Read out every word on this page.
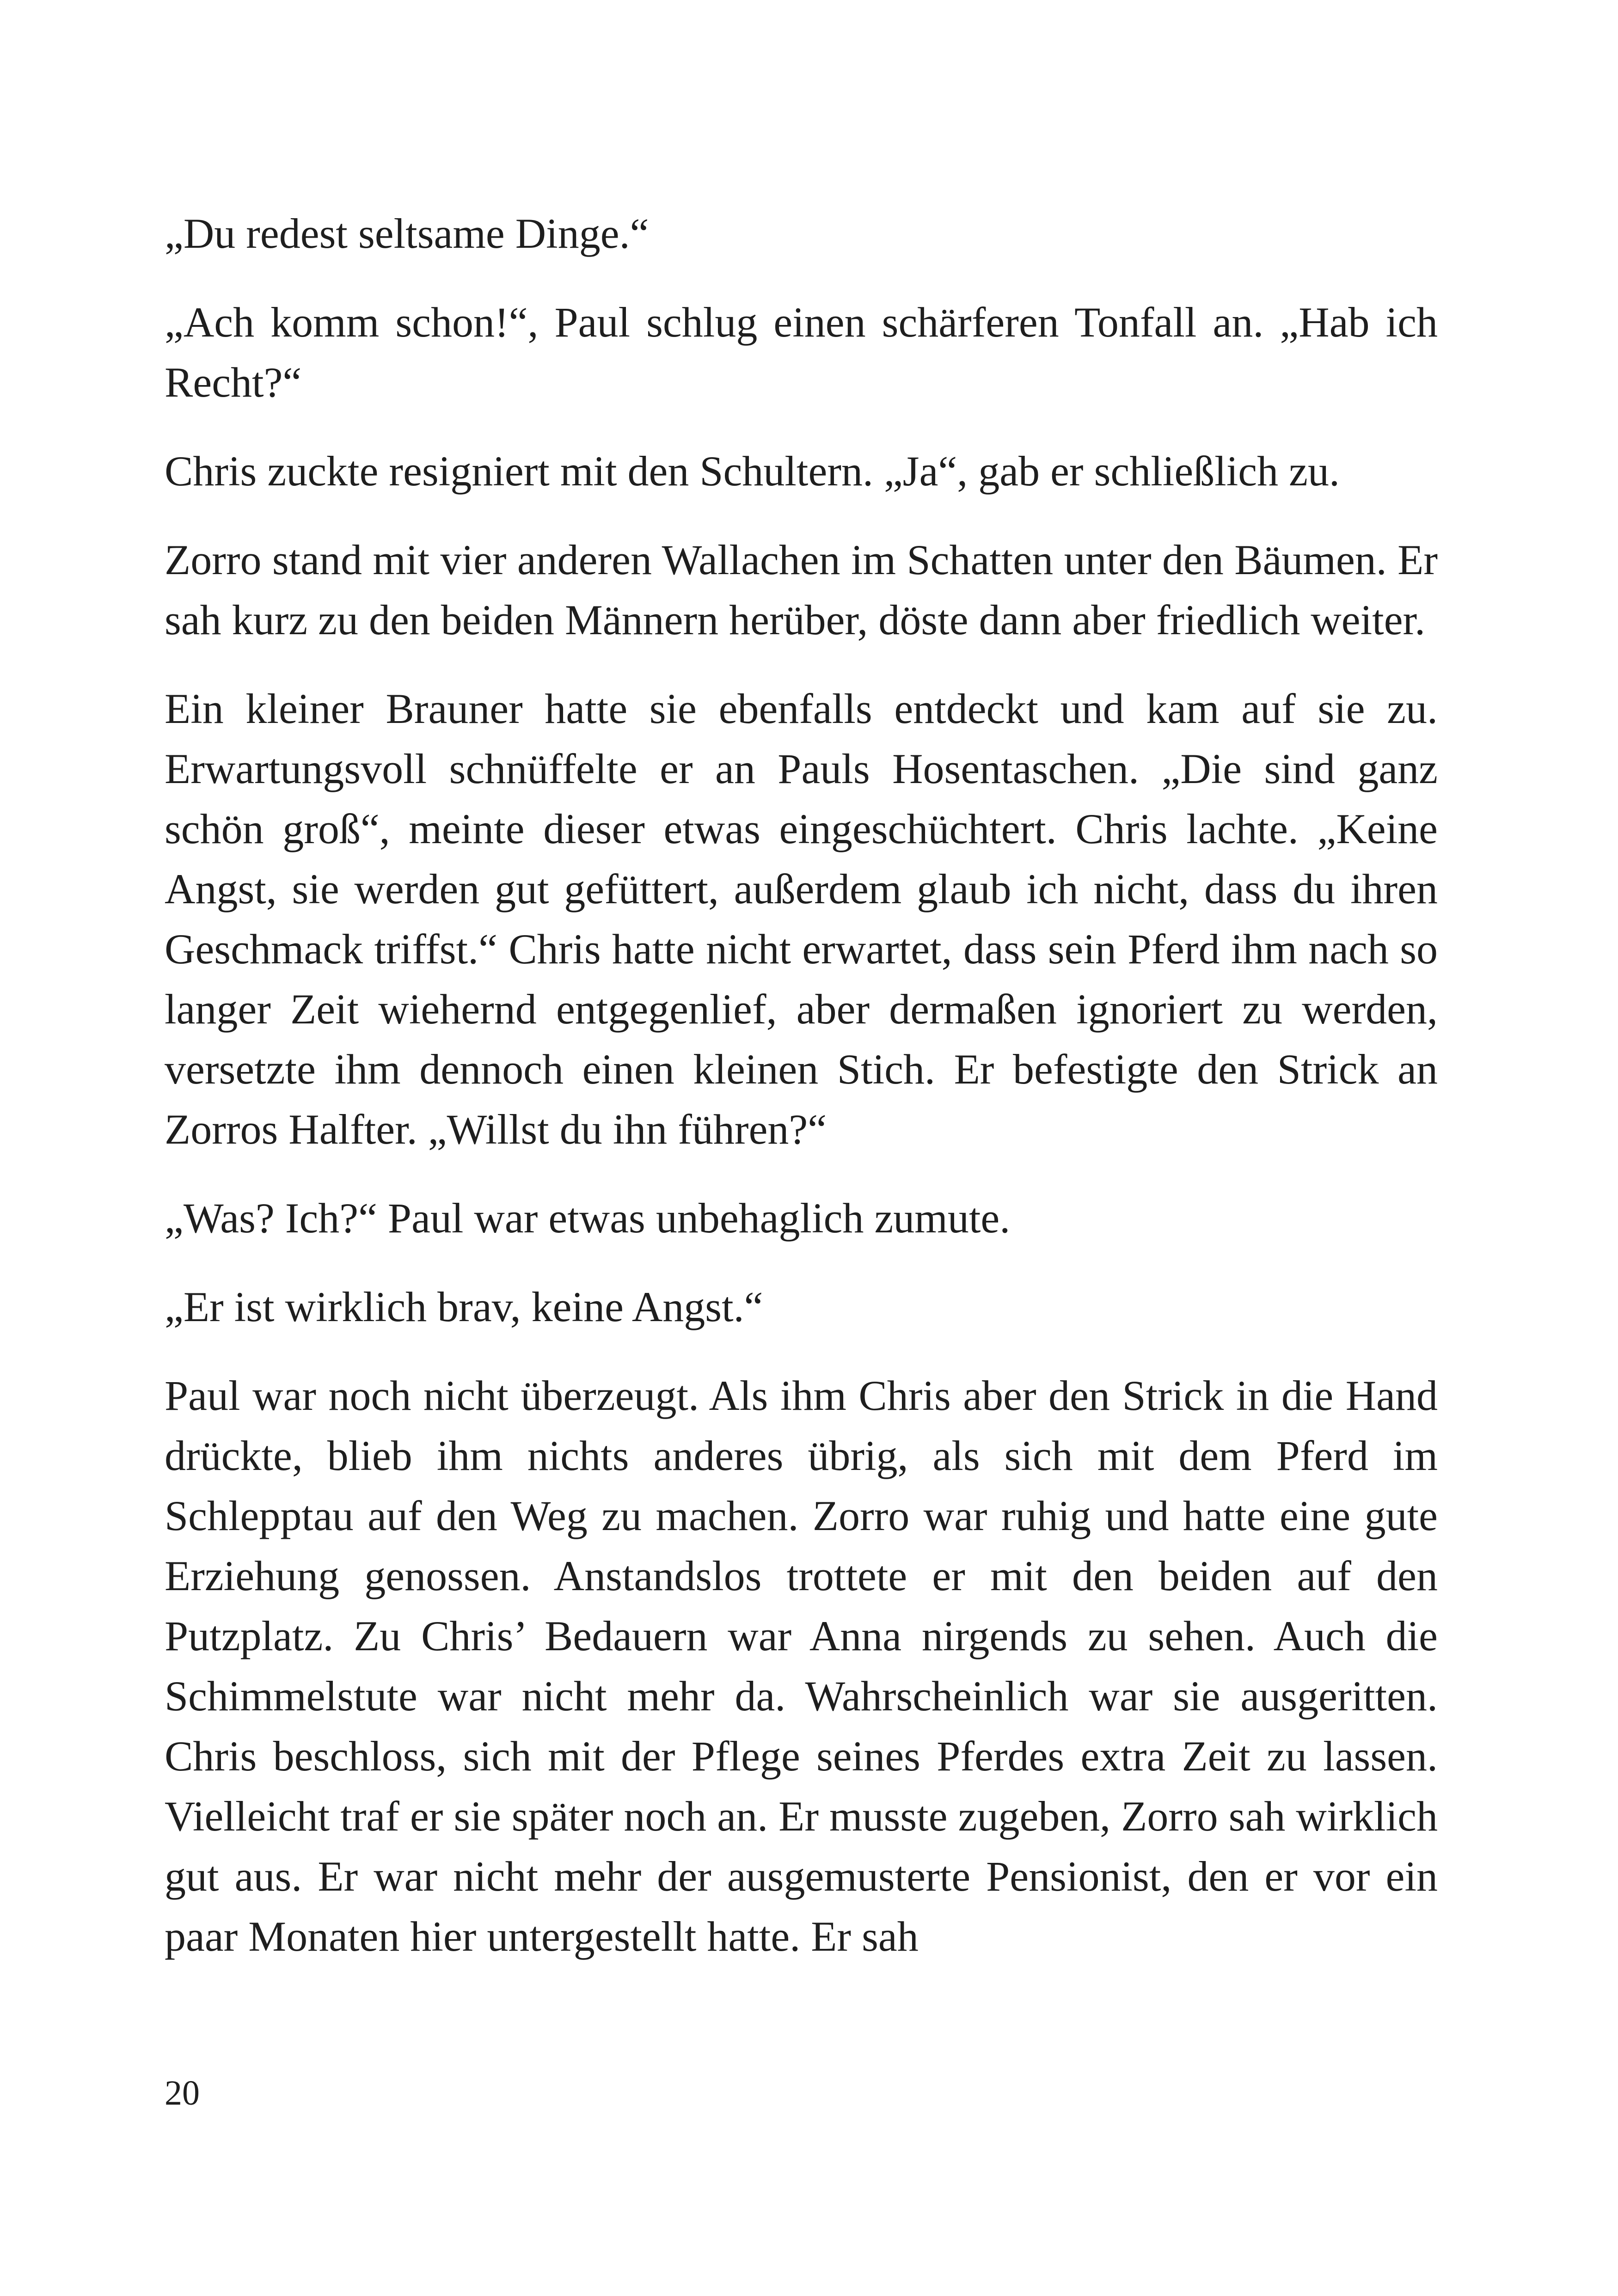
„Du redest seltsame Dinge.“

„Ach komm schon!“, Paul schlug einen schärferen Tonfall an. „Hab ich Recht?“

Chris zuckte resigniert mit den Schultern. „Ja“, gab er schließlich zu.

Zorro stand mit vier anderen Wallachen im Schatten unter den Bäumen. Er sah kurz zu den beiden Männern herüber, döste dann aber friedlich weiter.

Ein kleiner Brauner hatte sie ebenfalls entdeckt und kam auf sie zu. Erwartungsvoll schnüffelte er an Pauls Hosentaschen. „Die sind ganz schön groß“, meinte dieser etwas eingeschüchtert. Chris lachte. „Keine Angst, sie werden gut gefüttert, außerdem glaub ich nicht, dass du ihren Geschmack triffst.“ Chris hatte nicht erwartet, dass sein Pferd ihm nach so langer Zeit wiehernd entgegenlief, aber dermaßen ignoriert zu werden, versetzte ihm dennoch einen kleinen Stich. Er befestigte den Strick an Zorros Halfter. „Willst du ihn führen?“

„Was? Ich?“ Paul war etwas unbehaglich zumute.

„Er ist wirklich brav, keine Angst.“

Paul war noch nicht überzeugt. Als ihm Chris aber den Strick in die Hand drückte, blieb ihm nichts anderes übrig, als sich mit dem Pferd im Schlepptau auf den Weg zu machen. Zorro war ruhig und hatte eine gute Erziehung genossen. Anstandslos trottete er mit den beiden auf den Putzplatz. Zu Chris’ Bedauern war Anna nirgends zu sehen. Auch die Schimmelstute war nicht mehr da. Wahrscheinlich war sie ausgeritten. Chris beschloss, sich mit der Pflege seines Pferdes extra Zeit zu lassen. Vielleicht traf er sie später noch an. Er musste zugeben, Zorro sah wirklich gut aus. Er war nicht mehr der ausgemusterte Pensionist, den er vor ein paar Monaten hier untergestellt hatte. Er sah

20
